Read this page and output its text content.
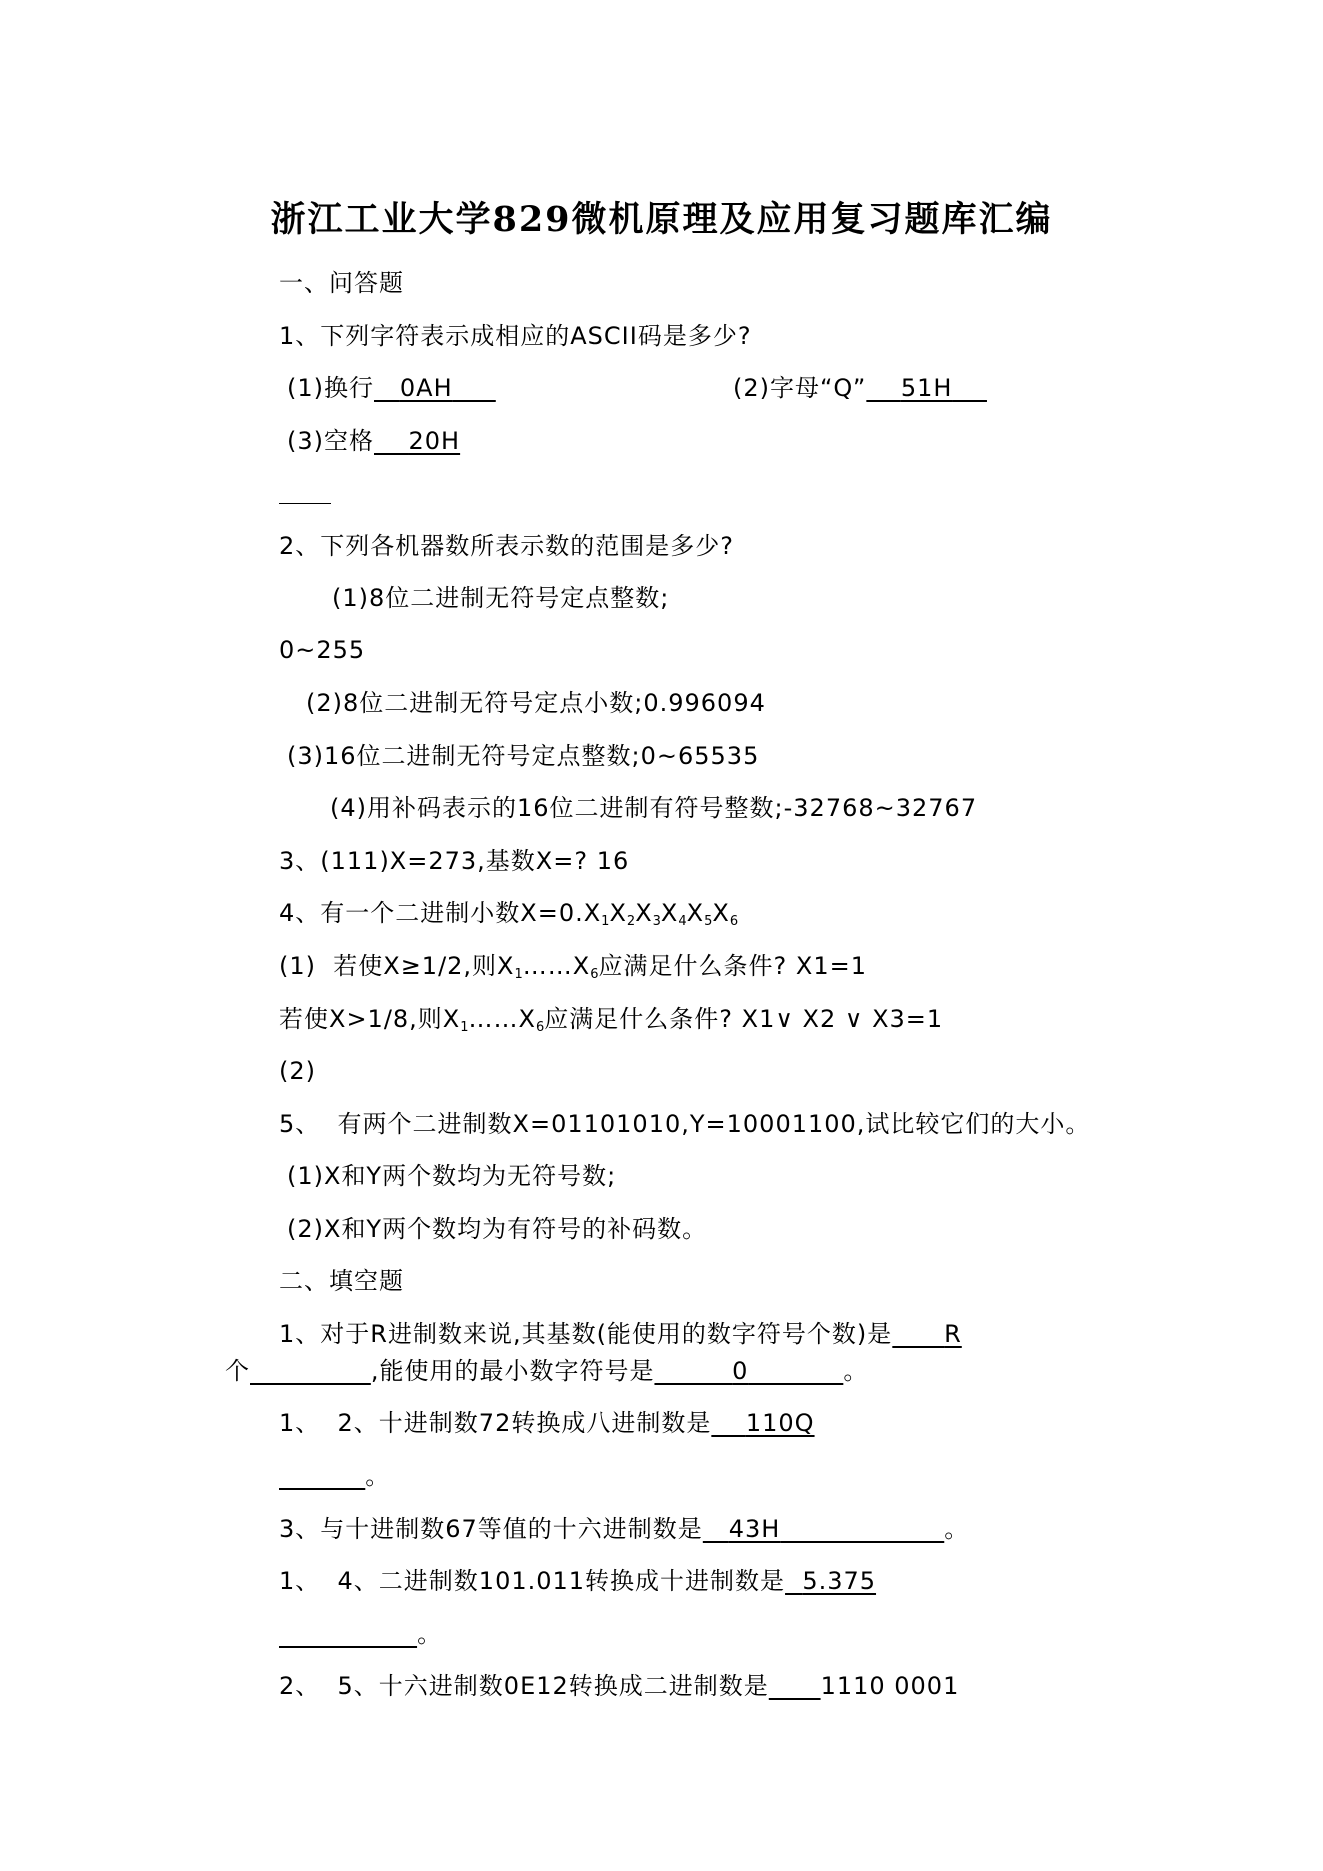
浙江工业大学829微机原理及应用复习题库汇编
一、问答题
1、下列字符表示成相应的ASCII码是多少?
(1)换行 0AH	(2)字母“Q” 51H
(3)空格 20H
2、下列各机器数所表示数的范围是多少?
(1)8位二进制无符号定点整数;
0~255
(2)8位二进制无符号定点小数;0.996094
(3)16位二进制无符号定点整数;0~65535
(4)用补码表示的16位二进制有符号整数;-32768~32767
3、(111)X=273,基数X=? 16
4、有一个二进制小数$X=0.X_1X_2X_3X_4X_5X_6$
(1)  若使X≥1/2,则$X_1\dots\dots X_6$应满足什么条件? X1=1
若使X>1/8,则$X_1\dots\dots X_6$应满足什么条件? X1∨ X2 ∨ X3=1
(2)
5、  有两个二进制数X=01101010,Y=10001100,试比较它们的大小。
(1)X和Y两个数均为无符号数;
(2)X和Y两个数均为有符号的补码数。
二、填空题
1、对于R进制数来说,其基数(能使用的数字符号个数)是 R
个	,能使用的最小数字符号是	0	。
1、  2、十进制数72转换成八进制数是 110Q
。
3、与十进制数67等值的十六进制数是 43H	。
1、  4、二进制数101.011转换成十进制数是 5.375
。
2、  5、十六进制数0E12转换成二进制数是 1110 0001
